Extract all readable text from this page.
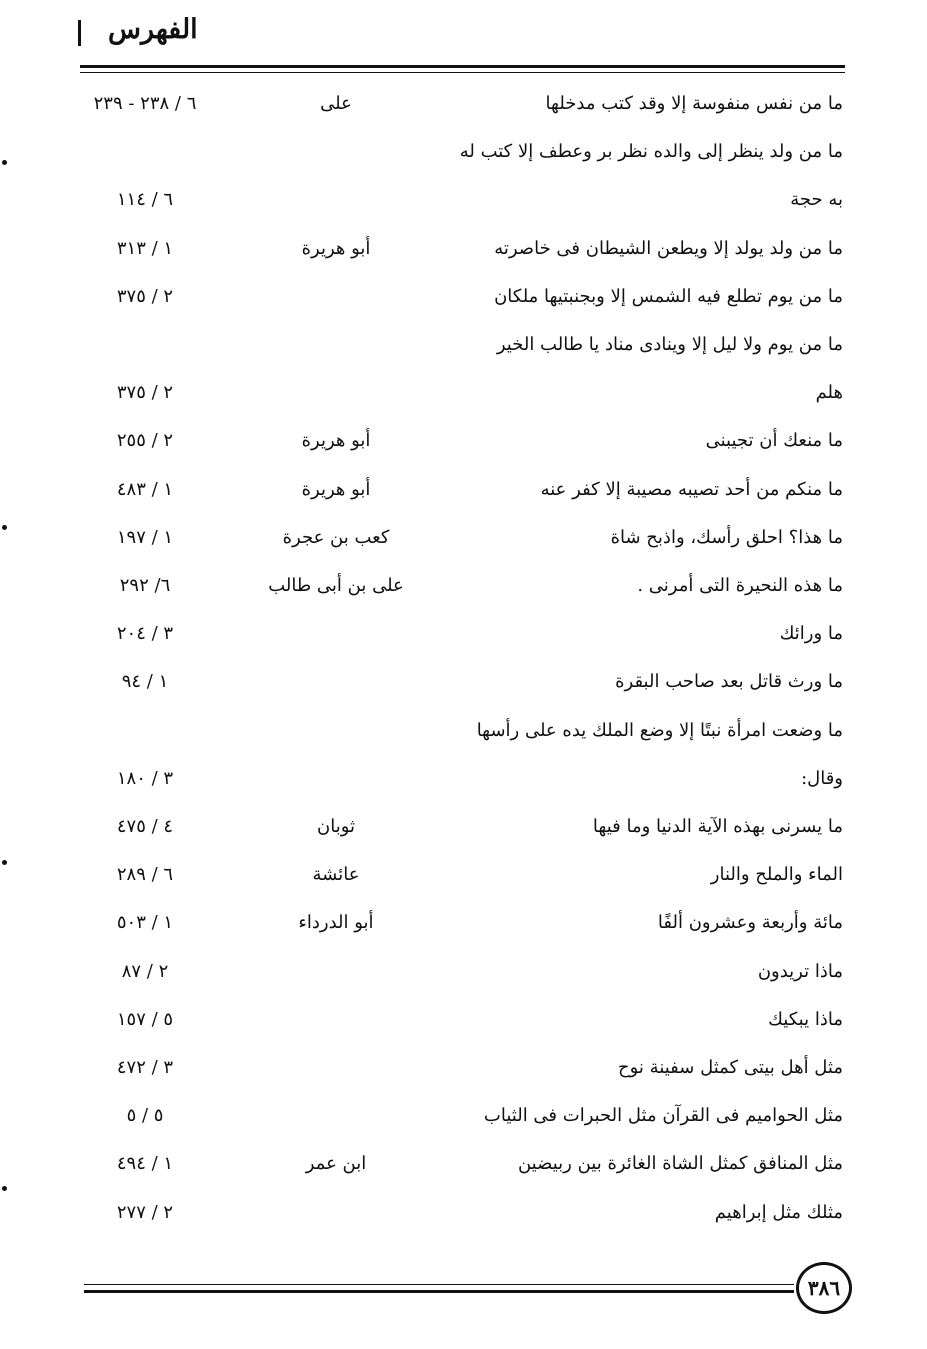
الفهرس
ما من نفس منفوسة إلا وقد كتب مدخلها
على
٦ / ٢٣٨ - ٢٣٩
ما من ولد ينظر إلى والده نظر بر وعطف إلا كتب له
به حجة
٦ / ١١٤
ما من ولد يولد إلا ويطعن الشيطان فى خاصرته
أبو هريرة
١ / ٣١٣
ما من يوم تطلع فيه الشمس إلا وبجنبتيها ملكان
٢ / ٣٧٥
ما من يوم ولا ليل إلا وينادى مناد يا طالب الخير
هلم
٢ / ٣٧٥
ما منعك أن تجيبنى
أبو هريرة
٢ / ٢٥٥
ما منكم من أحد تصيبه مصيبة إلا كفر عنه
أبو هريرة
١ / ٤٨٣
ما هذا؟ احلق رأسك، واذبح شاة
كعب بن عجرة
١ / ١٩٧
ما هذه النحيرة التى أمرنى .
على بن أبى طالب
٦/ ٢٩٢
ما ورائك
٣ / ٢٠٤
ما ورث قاتل بعد صاحب البقرة
١ / ٩٤
ما وضعت امرأة نبتًا إلا وضع الملك يده على رأسها
وقال:
٣ / ١٨٠
ما يسرنى بهذه الآية الدنيا وما فيها
ثوبان
٤ / ٤٧٥
الماء والملح والنار
عائشة
٦ / ٢٨٩
مائة وأربعة وعشرون ألفًا
أبو الدرداء
١ / ٥٠٣
ماذا تريدون
٢ / ٨٧
ماذا يبكيك
٥ / ١٥٧
مثل أهل بيتى كمثل سفينة نوح
٣ / ٤٧٢
مثل الحواميم فى القرآن مثل الحبرات فى الثياب
٥ / ٥
مثل المنافق كمثل الشاة الغائرة بين ربيضين
ابن عمر
١ / ٤٩٤
مثلك مثل إبراهيم
٢ / ٢٧٧
٣٨٦
